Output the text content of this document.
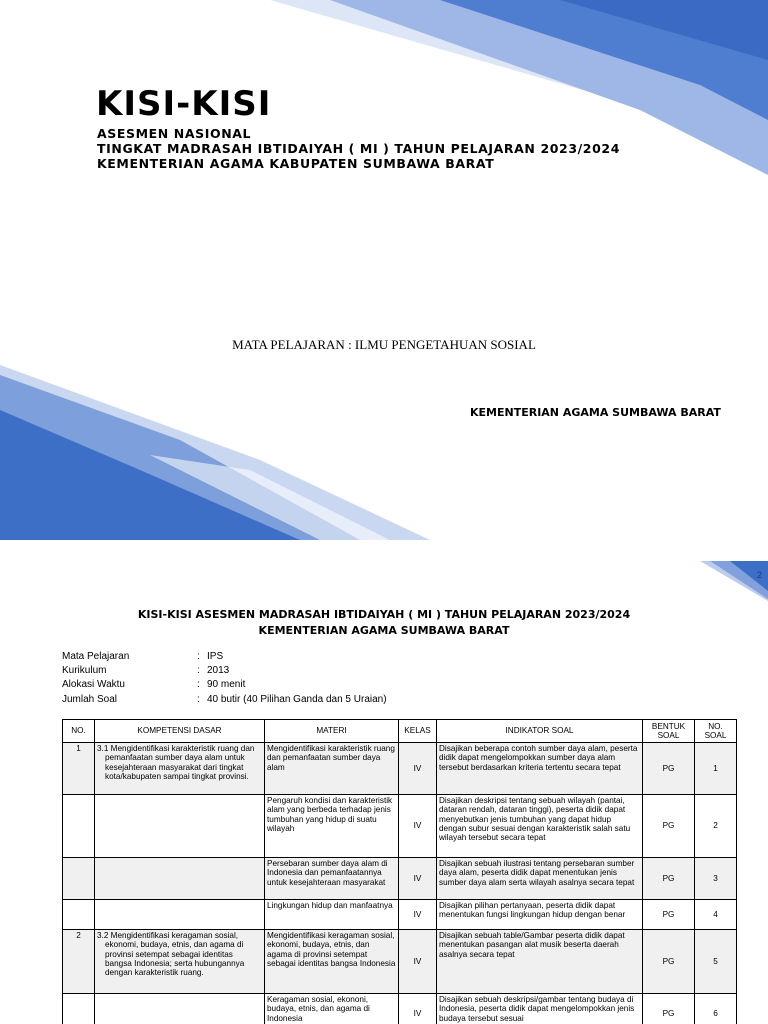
KISI-KISI
ASESMEN NASIONAL
TINGKAT MADRASAH IBTIDAIYAH ( MI ) TAHUN PELAJARAN 2023/2024
KEMENTERIAN AGAMA KABUPATEN SUMBAWA BARAT
MATA PELAJARAN : ILMU PENGETAHUAN SOSIAL
KEMENTERIAN AGAMA SUMBAWA BARAT
2
KISI-KISI ASESMEN MADRASAH IBTIDAIYAH ( MI ) TAHUN PELAJARAN 2023/2024
KEMENTERIAN AGAMA SUMBAWA BARAT
Mata Pelajaran	: IPS
Kurikulum	: 2013
Alokasi Waktu	: 90 menit
Jumlah Soal	: 40 butir (40 Pilihan Ganda dan 5 Uraian)
NO.	KOMPETENSI DASAR	MATERI	KELAS	INDIKATOR SOAL	BENTUK SOAL	NO. SOAL
1	3.1 Mengidentifikasi karakteristik ruang dan pemanfaatan sumber daya alam untuk kesejahteraan masyarakat dari tingkat kota/kabupaten sampai tingkat provinsi.	Mengidentifikasi karakteristik ruang dan pemanfaatan sumber daya alam	IV	Disajikan beberapa contoh sumber daya alam, peserta didik dapat mengelompokkan sumber daya alam tersebut berdasarkan kriteria tertentu secara tepat	PG	1
		Pengaruh kondisi dan karakteristik alam yang berbeda terhadap jenis tumbuhan yang hidup di suatu wilayah	IV	Disajikan deskripsi tentang sebuah wilayah (pantai, dataran rendah, dataran tinggi), peserta didik dapat menyebutkan jenis tumbuhan yang dapat hidup dengan subur sesuai dengan karakteristik salah satu wilayah tersebut secara tepat	PG	2
		Persebaran sumber daya alam di Indonesia dan pemanfaatannya untuk kesejahteraan masyarakat	IV	Disajikan sebuah ilustrasi tentang persebaran sumber daya alam, peserta didik dapat menentukan jenis sumber daya alam serta wilayah asalnya secara tepat	PG	3
		Lingkungan hidup dan manfaatnya	IV	Disajikan pilihan pertanyaan, peserta didik dapat menentukan fungsi lingkungan hidup dengan benar	PG	4
2	3.2 Mengidentifikasi keragaman sosial, ekonomi, budaya, etnis, dan agama di provinsi setempat sebagai identitas bangsa Indonesia; serta hubungannya dengan karakteristik ruang.	Mengidentifikasi keragaman sosial, ekonomi, budaya, etnis, dan agama di provinsi setempat sebagai identitas bangsa Indonesia	IV	Disajikan sebuah table/Gambar peserta didik dapat menentukan pasangan alat musik beserta daerah asalnya secara tepat	PG	5
		Keragaman sosial, ekononi, budaya, etnis, dan agama di Indonesia	IV	Disajikan sebuah deskripsi/gambar tentang budaya di Indonesia, peserta didik dapat mengelompokkan jenis budaya tersebut sesuai	PG	6
